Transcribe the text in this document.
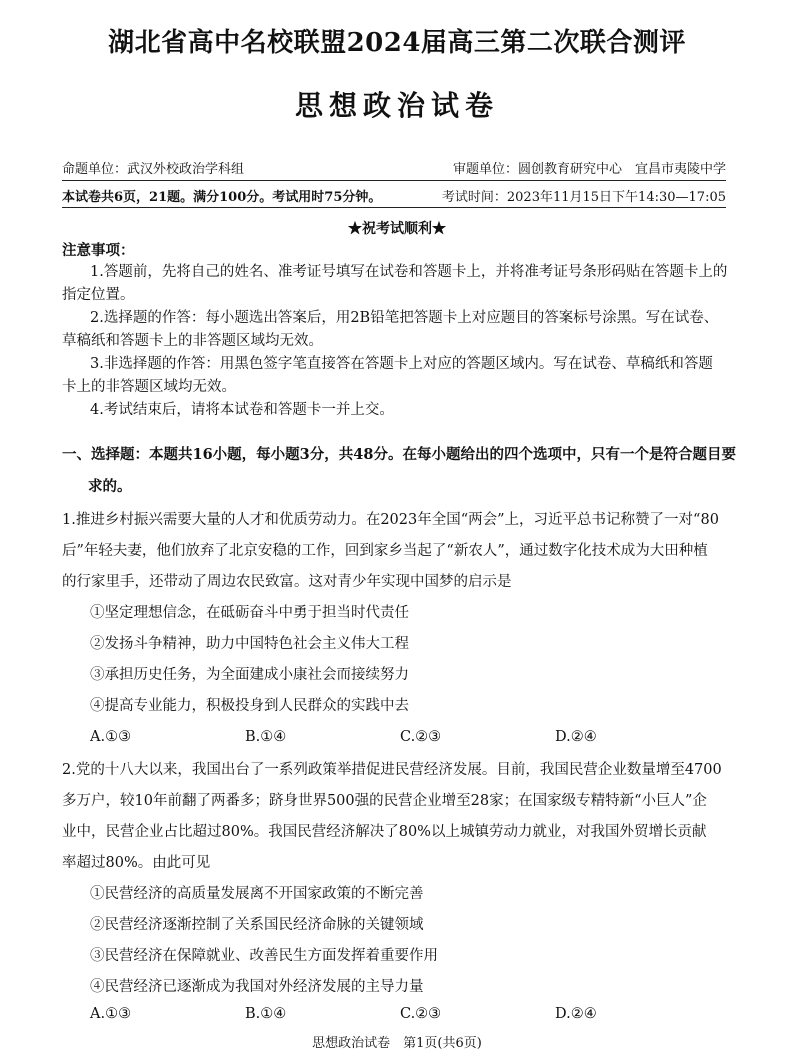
湖北省高中名校联盟2024届高三第二次联合测评
思想政治试卷
命题单位：武汉外校政治学科组	审题单位：圆创教育研究中心　宜昌市夷陵中学
本试卷共6页，21题。满分100分。考试用时75分钟。	考试时间：2023年11月15日下午14:30—17:05
★祝考试顺利★
注意事项：
1.答题前，先将自己的姓名、准考证号填写在试卷和答题卡上，并将准考证号条形码贴在答题卡上的
指定位置。
2.选择题的作答：每小题选出答案后，用2B铅笔把答题卡上对应题目的答案标号涂黑。写在试卷、
草稿纸和答题卡上的非答题区域均无效。
3.非选择题的作答：用黑色签字笔直接答在答题卡上对应的答题区域内。写在试卷、草稿纸和答题
卡上的非答题区域均无效。
4.考试结束后，请将本试卷和答题卡一并上交。
一、选择题：本题共16小题，每小题3分，共48分。在每小题给出的四个选项中，只有一个是符合题目要
求的。
1.推进乡村振兴需要大量的人才和优质劳动力。在2023年全国“两会”上，习近平总书记称赞了一对“80
后”年轻夫妻，他们放弃了北京安稳的工作，回到家乡当起了“新农人”，通过数字化技术成为大田种植
的行家里手，还带动了周边农民致富。这对青少年实现中国梦的启示是
①坚定理想信念，在砥砺奋斗中勇于担当时代责任
②发扬斗争精神，助力中国特色社会主义伟大工程
③承担历史任务，为全面建成小康社会而接续努力
④提高专业能力，积极投身到人民群众的实践中去
A.①③	B.①④	C.②③	D.②④
2.党的十八大以来，我国出台了一系列政策举措促进民营经济发展。目前，我国民营企业数量增至4700
多万户，较10年前翻了两番多；跻身世界500强的民营企业增至28家；在国家级专精特新“小巨人”企
业中，民营企业占比超过80%。我国民营经济解决了80%以上城镇劳动力就业，对我国外贸增长贡献
率超过80%。由此可见
①民营经济的高质量发展离不开国家政策的不断完善
②民营经济逐渐控制了关系国民经济命脉的关键领域
③民营经济在保障就业、改善民生方面发挥着重要作用
④民营经济已逐渐成为我国对外经济发展的主导力量
A.①③	B.①④	C.②③	D.②④
思想政治试卷　第1页(共6页)
